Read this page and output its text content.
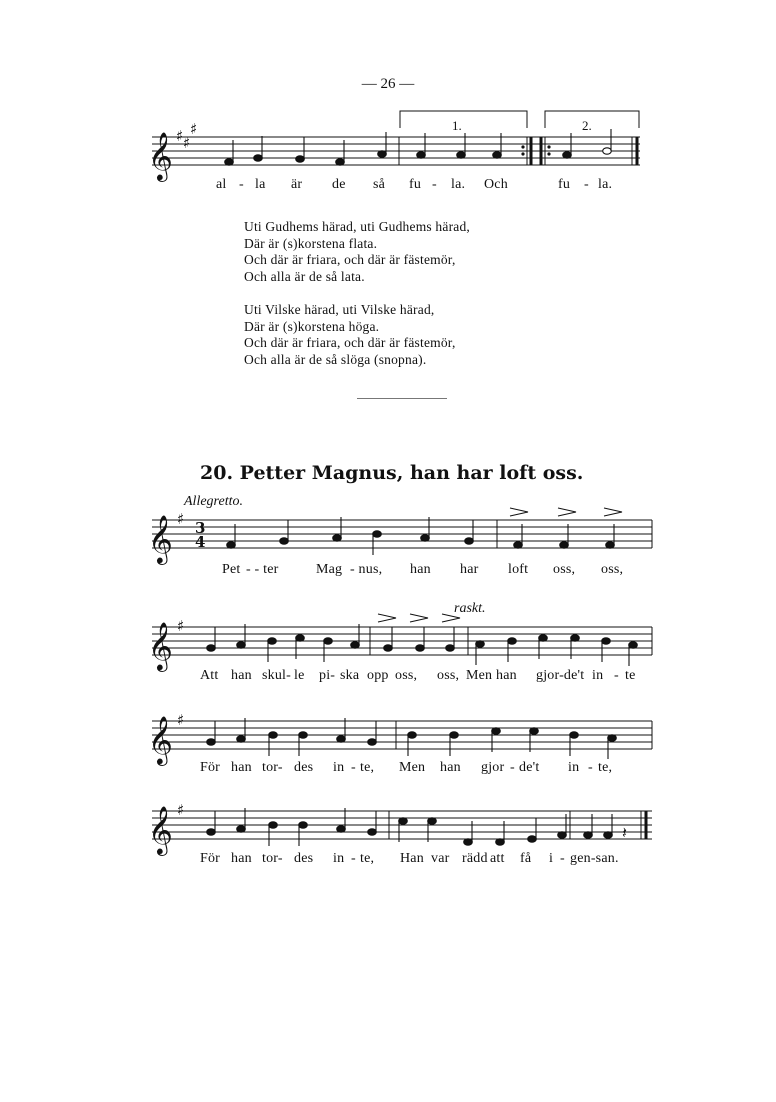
— 26 —
𝄞
𝄞
𝄞
𝄞
𝄞
♯ ♯
♯
♯
♯
♯
♯
3
4
𝄽
1.	2.
al - la är de så fu - la. Och	fu - la.
Uti Gudhems härad, uti Gudhems härad,
Där är (s)korstena flata.
Och där är friara, och där är fästemör,
Och alla är de så lata.
Uti Vilske härad, uti Vilske härad,
Där är (s)korstena höga.
Och där är friara, och där är fästemör,
Och alla är de så slöga (snopna).
20. Petter Magnus, han har loft oss.
Allegretto.
raskt.
Pet - - ter	Mag - nus, han har loft oss, oss,
Att han skul- le pi- ska opp oss, oss, Men han gjor-de't in - te
För han tor- des in - te, Men han gjor - de't in - te,
För han tor- des in - te, Han var rädd att få i - gen-san.
